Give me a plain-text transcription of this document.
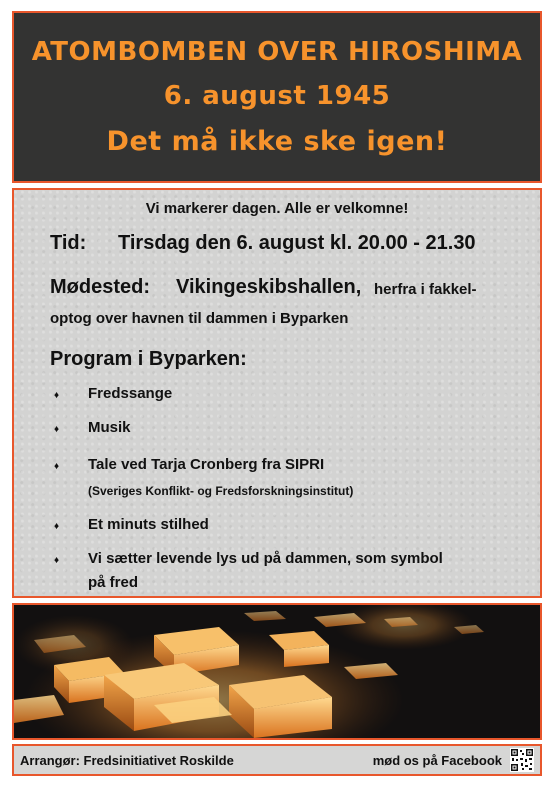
ATOMBOMBEN OVER HIROSHIMA
6. august 1945
Det må ikke ske igen!
Vi markerer dagen. Alle er velkomne!
Tid: Tirsdag den 6. august kl. 20.00 - 21.30
Mødested: Vikingeskibshallen, herfra i fakkel-
optog over havnen til dammen i Byparken
Program i Byparken:
♦ Fredssange
♦ Musik
♦ Tale ved Tarja Cronberg fra SIPRI
(Sveriges Konflikt- og Fredsforskningsinstitut)
♦ Et minuts stilhed
♦ Vi sætter levende lys ud på dammen, som symbol
på fred
Arrangør: Fredsinitiativet Roskilde	mød os på Facebook
